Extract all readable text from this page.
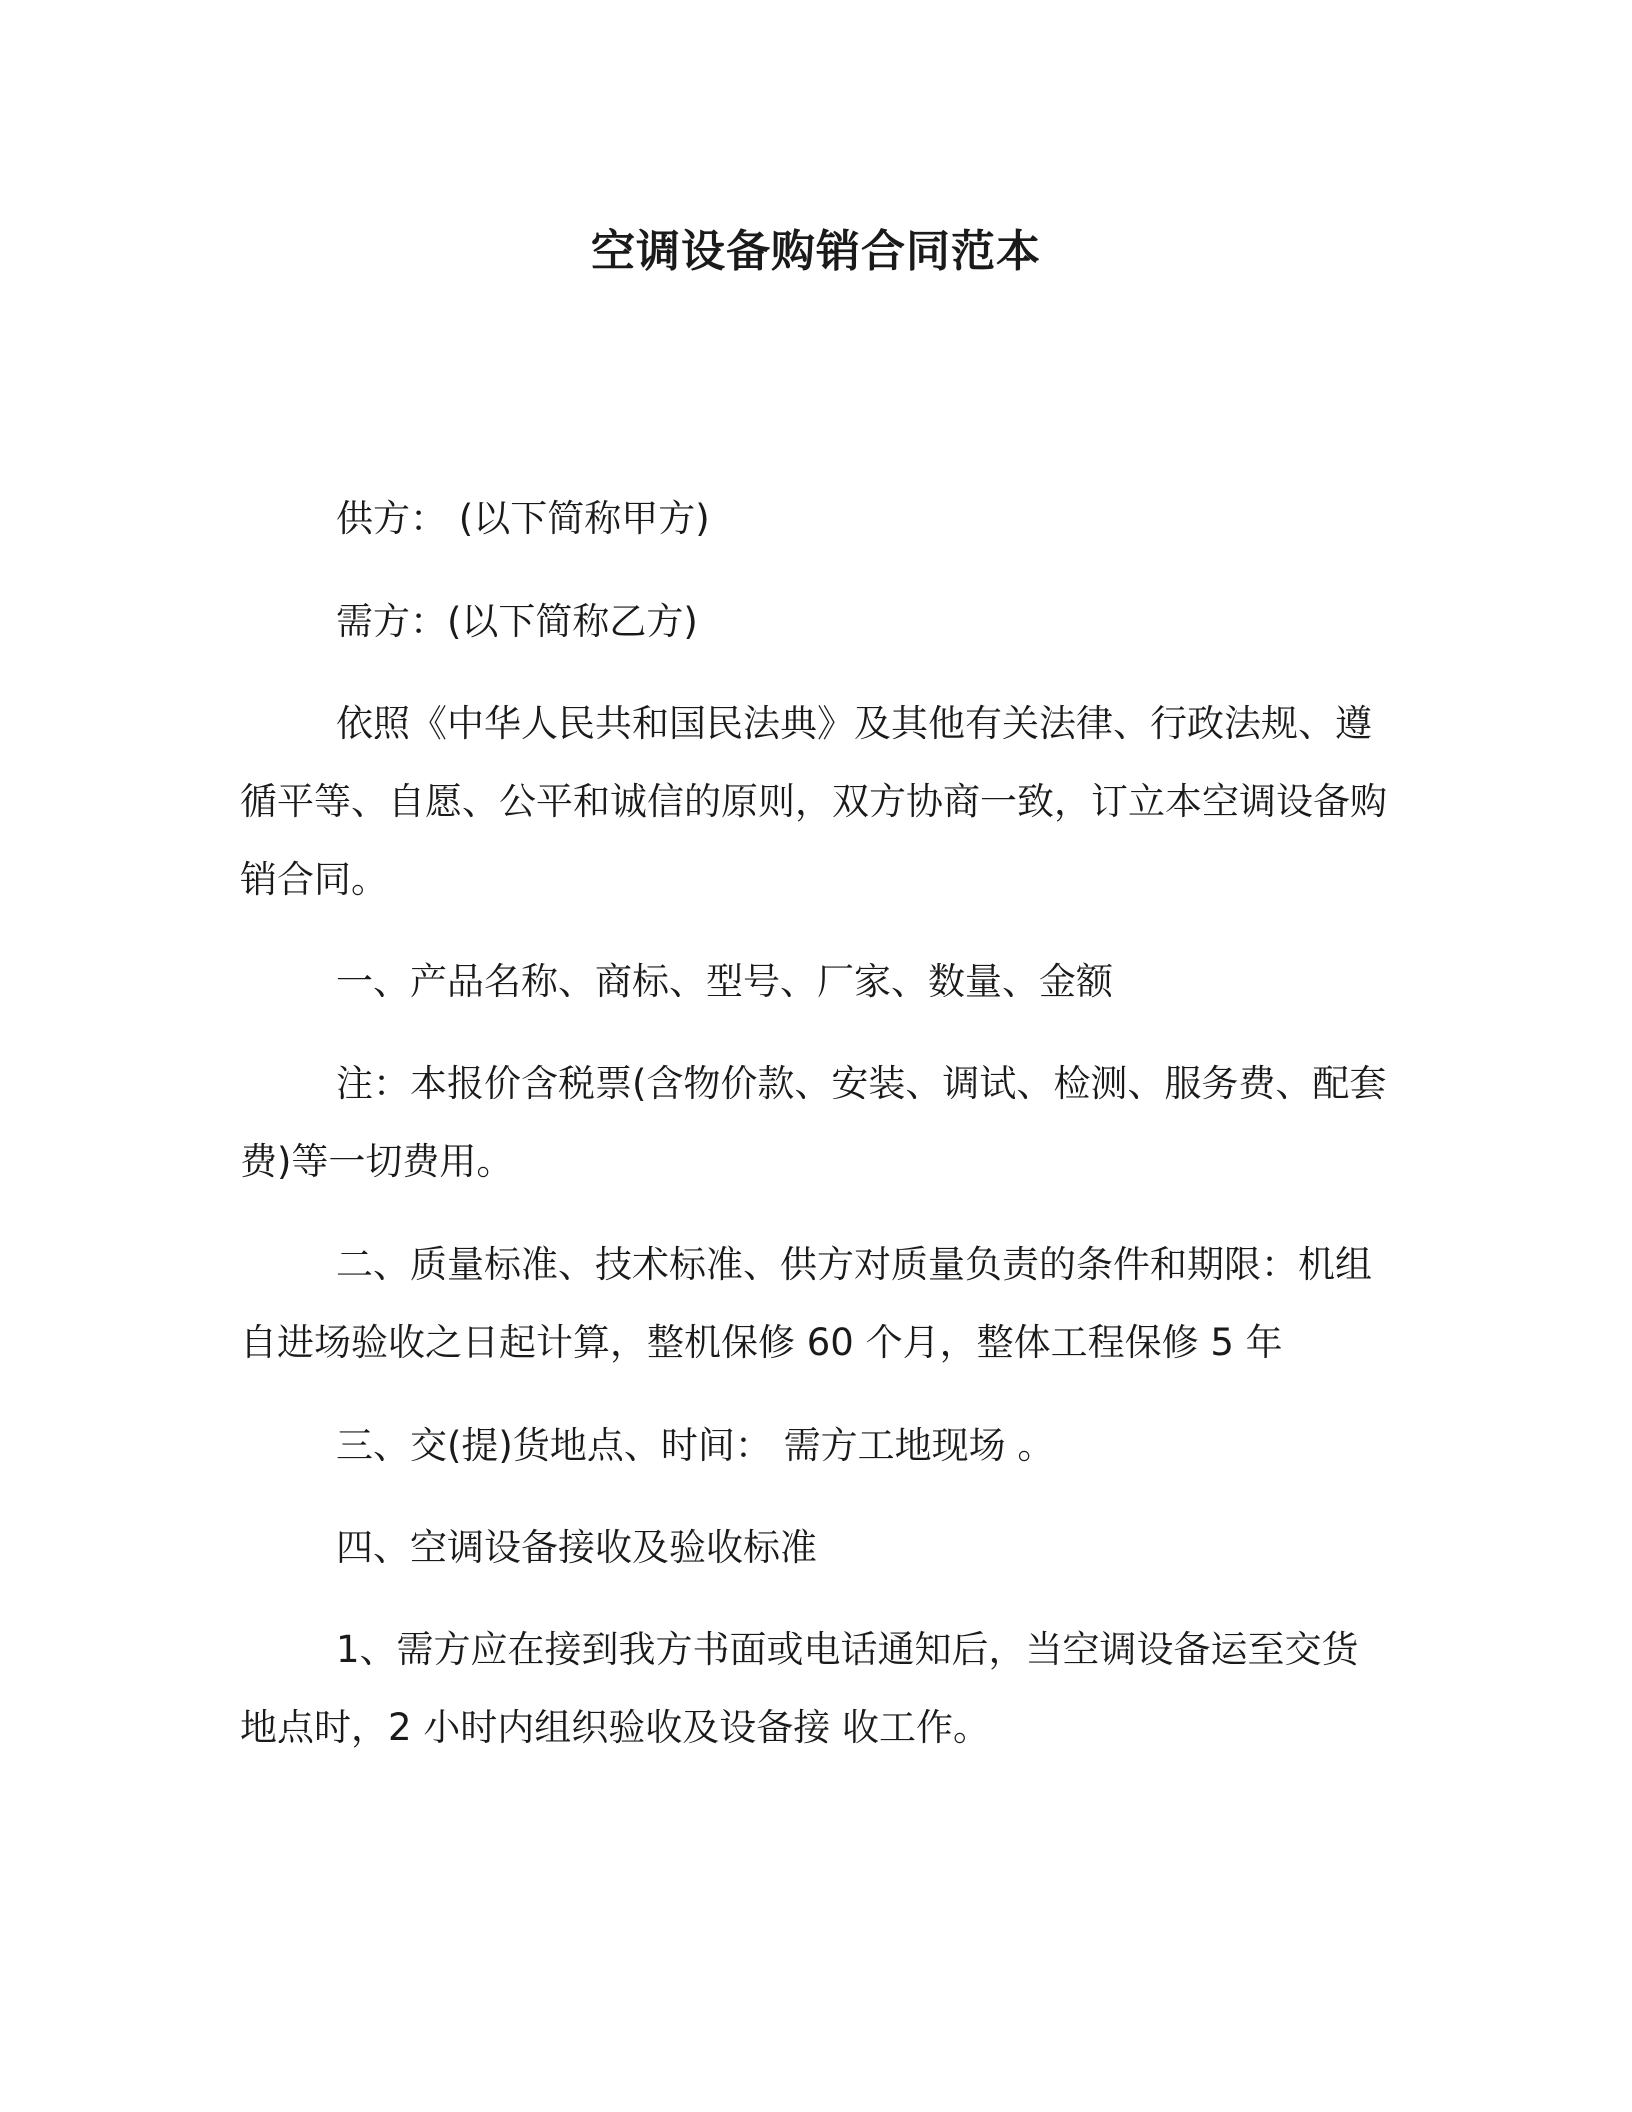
空调设备购销合同范本
供方： (以下简称甲方)
需方：(以下简称乙方)
依照《中华人民共和国民法典》及其他有关法律、行政法规、遵循平等、自愿、公平和诚信的原则，双方协商一致，订立本空调设备购销合同。
一、产品名称、商标、型号、厂家、数量、金额
注：本报价含税票(含物价款、安装、调试、检测、服务费、配套费)等一切费用。
二、质量标准、技术标准、供方对质量负责的条件和期限：机组自进场验收之日起计算，整机保修 60 个月，整体工程保修 5 年
三、交(提)货地点、时间： 需方工地现场 。
四、空调设备接收及验收标准
1、需方应在接到我方书面或电话通知后，当空调设备运至交货地点时，2 小时内组织验收及设备接 收工作。
